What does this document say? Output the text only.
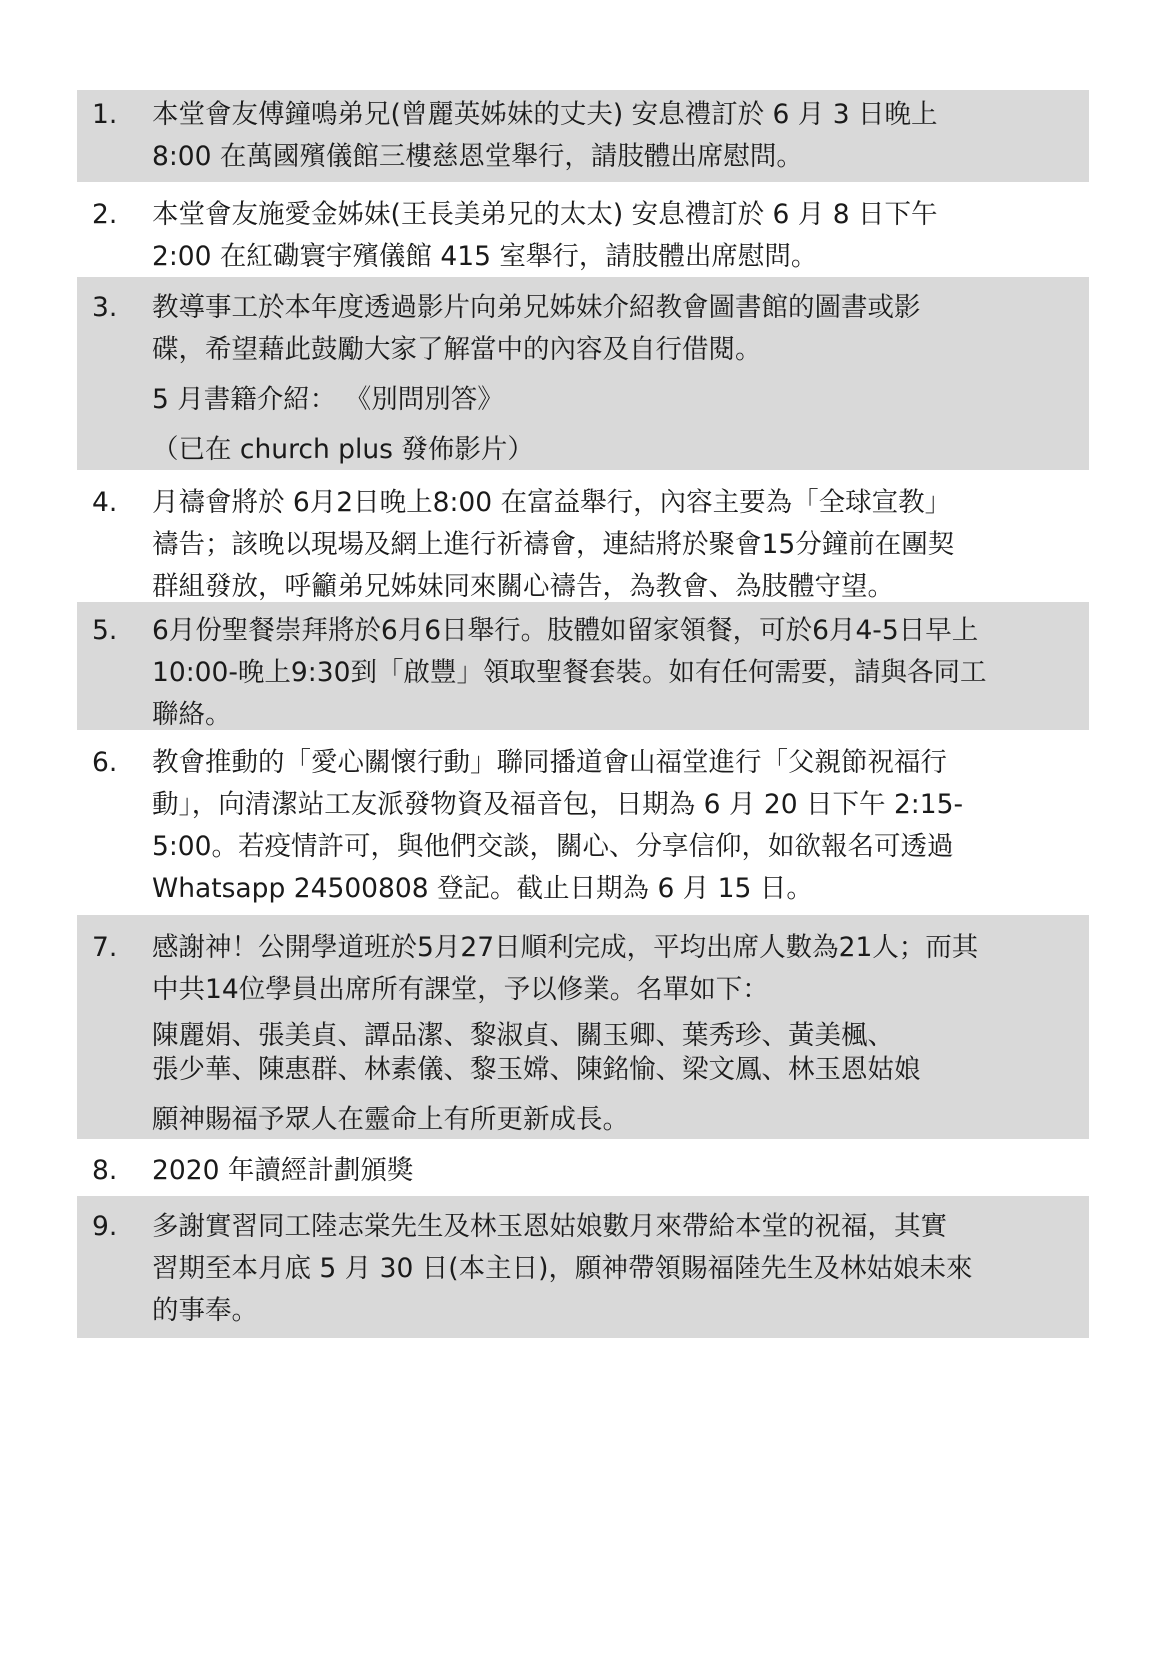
1.	本堂會友傅鐘鳴弟兄(曾麗英姊妹的丈夫) 安息禮訂於 6 月 3 日晚上
8:00 在萬國殯儀館三樓慈恩堂舉行，請肢體出席慰問。
2.	本堂會友施愛金姊妹(王長美弟兄的太太) 安息禮訂於 6 月 8 日下午
2:00 在紅磡寰宇殯儀館 415 室舉行，請肢體出席慰問。
3.	教導事工於本年度透過影片向弟兄姊妹介紹教會圖書館的圖書或影
碟，希望藉此鼓勵大家了解當中的內容及自行借閱。
5 月書籍介紹： 《別問別答》
（已在 church plus 發佈影片）
4.	月禱會將於 6月2日晚上8:00 在富益舉行，內容主要為「全球宣教」
禱告；該晚以現場及網上進行祈禱會，連結將於聚會15分鐘前在團契
群組發放，呼籲弟兄姊妹同來關心禱告，為教會、為肢體守望。
5.	6月份聖餐崇拜將於6月6日舉行。肢體如留家領餐，可於6月4-5日早上
10:00-晚上9:30到「啟豐」領取聖餐套裝。如有任何需要，請與各同工
聯絡。
6.	教會推動的「愛心關懷行動」聯同播道會山福堂進行「父親節祝福行
動」，向清潔站工友派發物資及福音包，日期為 6 月 20 日下午 2:15-
5:00。若疫情許可，與他們交談，關心、分享信仰，如欲報名可透過
Whatsapp 24500808 登記。截止日期為 6 月 15 日。
7.	感謝神！公開學道班於5月27日順利完成，平均出席人數為21人；而其
中共14位學員出席所有課堂，予以修業。名單如下：
陳麗娟、張美貞、譚品潔、黎淑貞、關玉卿、葉秀珍、黃美楓、
張少華、陳惠群、林素儀、黎玉嫦、陳銘愉、梁文鳳、林玉恩姑娘
願神賜福予眾人在靈命上有所更新成長。
8.	2020 年讀經計劃頒獎
9.	多謝實習同工陸志棠先生及林玉恩姑娘數月來帶給本堂的祝福，其實
習期至本月底 5 月 30 日(本主日)，願神帶領賜福陸先生及林姑娘未來
的事奉。
